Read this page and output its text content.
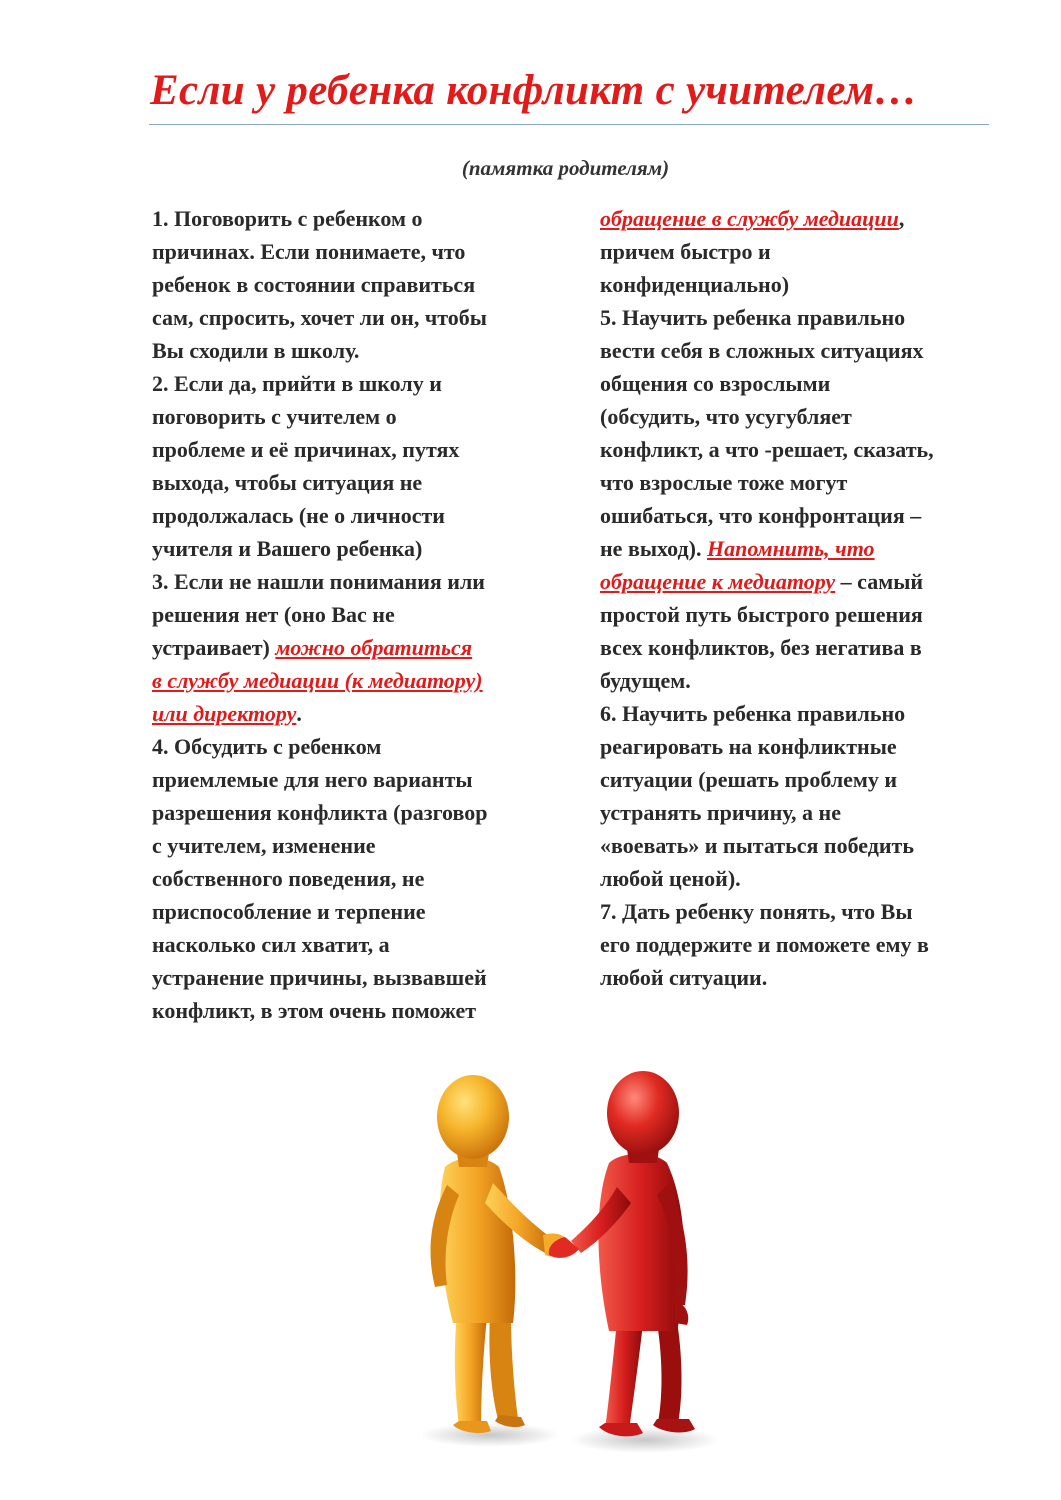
Если у ребенка конфликт с учителем…
(памятка родителям)
1. Поговорить с ребенком о
причинах. Если понимаете, что
ребенок в состоянии справиться
сам, спросить, хочет ли он, чтобы
Вы сходили в школу.
2. Если да, прийти в школу и
поговорить с учителем о
проблеме и её причинах, путях
выхода, чтобы ситуация не
продолжалась (не о личности
учителя и Вашего ребенка)
3. Если не нашли понимания или
решения нет (оно Вас не
устраивает) можно обратиться
в службу медиации (к медиатору)
или директору.
4. Обсудить с ребенком
приемлемые для него варианты
разрешения конфликта (разговор
с учителем, изменение
собственного поведения, не
приспособление и терпение
насколько сил хватит, а
устранение причины, вызвавшей
конфликт, в этом очень поможет
обращение в службу медиации,
причем быстро и
конфиденциально)
5. Научить ребенка правильно
вести себя в сложных ситуациях
общения со взрослыми
(обсудить, что усугубляет
конфликт, а что -решает, сказать,
что взрослые тоже могут
ошибаться, что конфронтация –
не выход). Напомнить, что
обращение к медиатору – самый
простой путь быстрого решения
всех конфликтов, без негатива в
будущем.
6. Научить ребенка правильно
реагировать на конфликтные
ситуации (решать проблему и
устранять причину, а не
«воевать» и пытаться победить
любой ценой).
7. Дать ребенку понять, что Вы
его поддержите и поможете ему в
любой ситуации.
